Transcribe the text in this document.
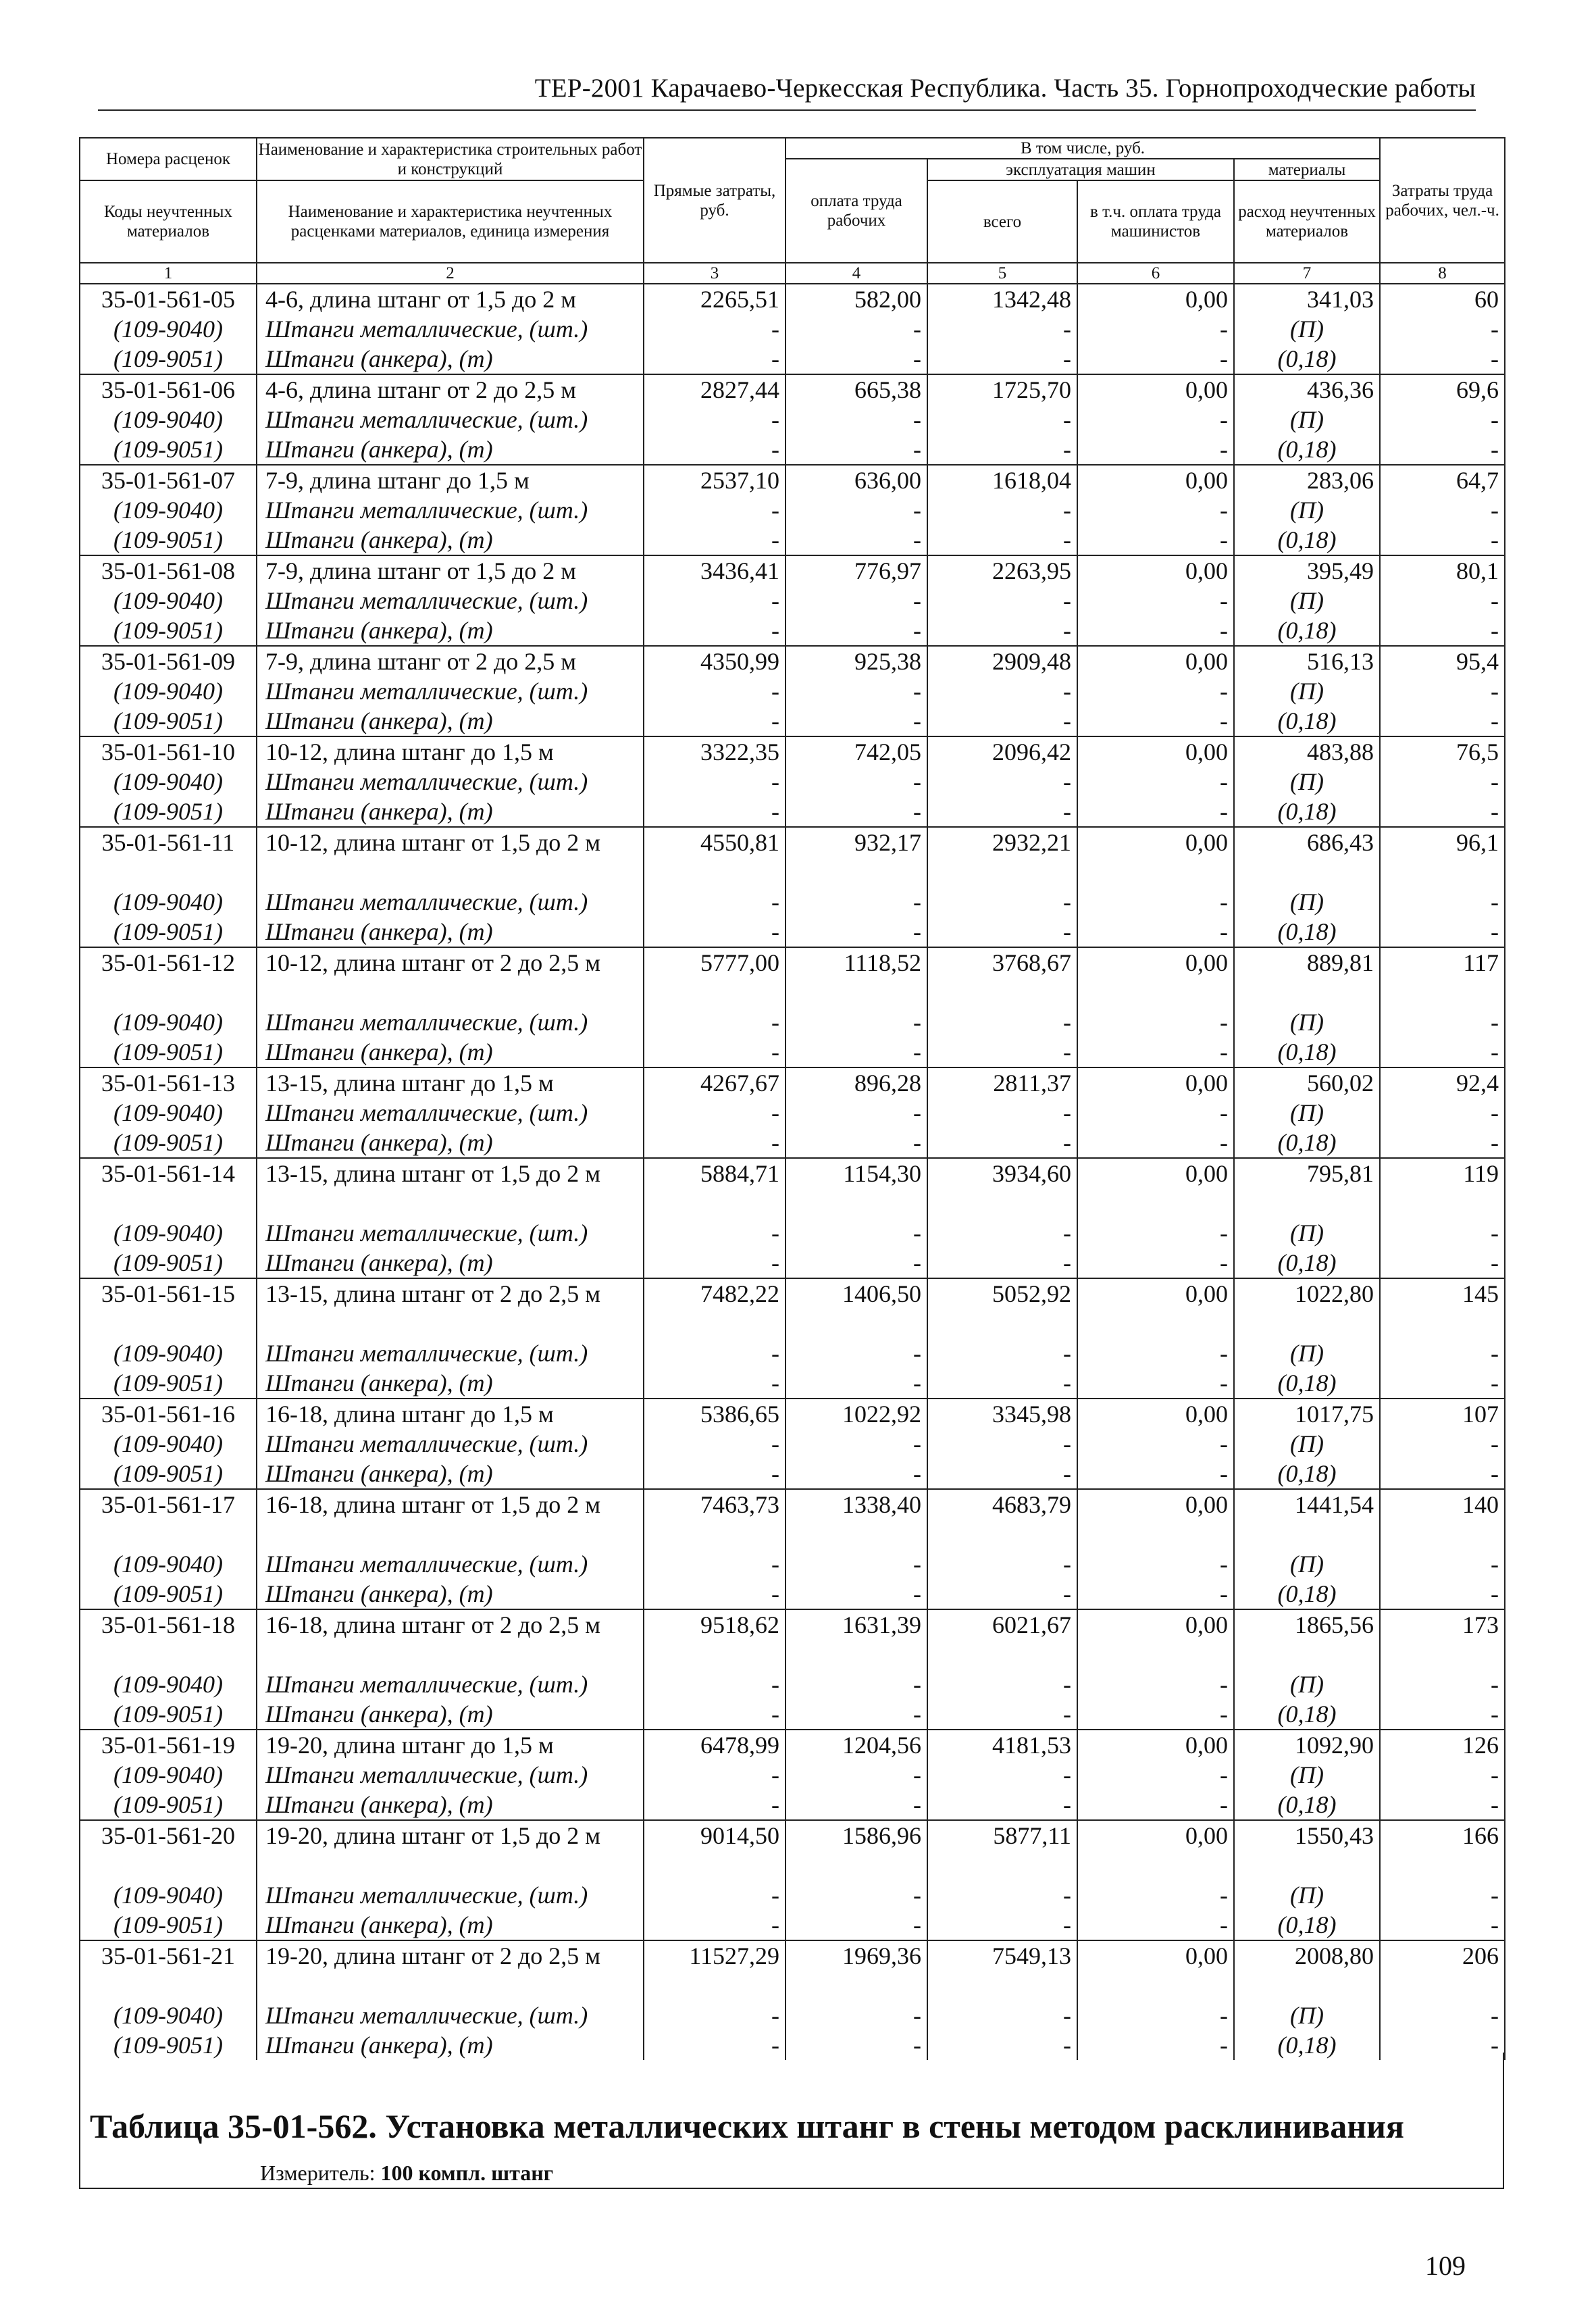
ТЕР-2001 Карачаево-Черкесская Республика. Часть 35. Горнопроходческие работы
Номера расценок	Наименование и характеристика строительных работ и конструкций	Прямые затраты, руб.	В том числе, руб.				Затраты труда рабочих, чел.-ч.
			оплата труда рабочих	эксплуатация машин		материалы	
Коды неучтенных материалов	Наименование и характеристика неучтенных расценками материалов, единица измерения			всего	в т.ч. оплата труда машинистов	расход неучтенных материалов	

1	2	3	4	5	6	7	8
35-01-561-05	4-6, длина штанг от 1,5 до 2 м	2265,51	582,00	1342,48	0,00	341,03	60
(109-9040)	Штанги металлические, (шт.)	-	-	-	-	(П)	-
(109-9051)	Штанги (анкера), (т)	-	-	-	-	(0,18)	-
35-01-561-06	4-6, длина штанг от 2 до 2,5 м	2827,44	665,38	1725,70	0,00	436,36	69,6
(109-9040)	Штанги металлические, (шт.)	-	-	-	-	(П)	-
(109-9051)	Штанги (анкера), (т)	-	-	-	-	(0,18)	-
35-01-561-07	7-9, длина штанг до 1,5 м	2537,10	636,00	1618,04	0,00	283,06	64,7
(109-9040)	Штанги металлические, (шт.)	-	-	-	-	(П)	-
(109-9051)	Штанги (анкера), (т)	-	-	-	-	(0,18)	-
35-01-561-08	7-9, длина штанг от 1,5 до 2 м	3436,41	776,97	2263,95	0,00	395,49	80,1
(109-9040)	Штанги металлические, (шт.)	-	-	-	-	(П)	-
(109-9051)	Штанги (анкера), (т)	-	-	-	-	(0,18)	-
35-01-561-09	7-9, длина штанг от 2 до 2,5 м	4350,99	925,38	2909,48	0,00	516,13	95,4
(109-9040)	Штанги металлические, (шт.)	-	-	-	-	(П)	-
(109-9051)	Штанги (анкера), (т)	-	-	-	-	(0,18)	-
35-01-561-10	10-12, длина штанг до 1,5 м	3322,35	742,05	2096,42	0,00	483,88	76,5
(109-9040)	Штанги металлические, (шт.)	-	-	-	-	(П)	-
(109-9051)	Штанги (анкера), (т)	-	-	-	-	(0,18)	-
35-01-561-11	10-12, длина штанг от 1,5 до 2 м	4550,81	932,17	2932,21	0,00	686,43	96,1
(109-9040)	Штанги металлические, (шт.)	-	-	-	-	(П)	-
(109-9051)	Штанги (анкера), (т)	-	-	-	-	(0,18)	-
35-01-561-12	10-12, длина штанг от 2 до 2,5 м	5777,00	1118,52	3768,67	0,00	889,81	117
(109-9040)	Штанги металлические, (шт.)	-	-	-	-	(П)	-
(109-9051)	Штанги (анкера), (т)	-	-	-	-	(0,18)	-
35-01-561-13	13-15, длина штанг до 1,5 м	4267,67	896,28	2811,37	0,00	560,02	92,4
(109-9040)	Штанги металлические, (шт.)	-	-	-	-	(П)	-
(109-9051)	Штанги (анкера), (т)	-	-	-	-	(0,18)	-
35-01-561-14	13-15, длина штанг от 1,5 до 2 м	5884,71	1154,30	3934,60	0,00	795,81	119
(109-9040)	Штанги металлические, (шт.)	-	-	-	-	(П)	-
(109-9051)	Штанги (анкера), (т)	-	-	-	-	(0,18)	-
35-01-561-15	13-15, длина штанг от 2 до 2,5 м	7482,22	1406,50	5052,92	0,00	1022,80	145
(109-9040)	Штанги металлические, (шт.)	-	-	-	-	(П)	-
(109-9051)	Штанги (анкера), (т)	-	-	-	-	(0,18)	-
35-01-561-16	16-18, длина штанг до 1,5 м	5386,65	1022,92	3345,98	0,00	1017,75	107
(109-9040)	Штанги металлические, (шт.)	-	-	-	-	(П)	-
(109-9051)	Штанги (анкера), (т)	-	-	-	-	(0,18)	-
35-01-561-17	16-18, длина штанг от 1,5 до 2 м	7463,73	1338,40	4683,79	0,00	1441,54	140
(109-9040)	Штанги металлические, (шт.)	-	-	-	-	(П)	-
(109-9051)	Штанги (анкера), (т)	-	-	-	-	(0,18)	-
35-01-561-18	16-18, длина штанг от 2 до 2,5 м	9518,62	1631,39	6021,67	0,00	1865,56	173
(109-9040)	Штанги металлические, (шт.)	-	-	-	-	(П)	-
(109-9051)	Штанги (анкера), (т)	-	-	-	-	(0,18)	-
35-01-561-19	19-20, длина штанг до 1,5 м	6478,99	1204,56	4181,53	0,00	1092,90	126
(109-9040)	Штанги металлические, (шт.)	-	-	-	-	(П)	-
(109-9051)	Штанги (анкера), (т)	-	-	-	-	(0,18)	-
35-01-561-20	19-20, длина штанг от 1,5 до 2 м	9014,50	1586,96	5877,11	0,00	1550,43	166
(109-9040)	Штанги металлические, (шт.)	-	-	-	-	(П)	-
(109-9051)	Штанги (анкера), (т)	-	-	-	-	(0,18)	-
35-01-561-21	19-20, длина штанг от 2 до 2,5 м	11527,29	1969,36	7549,13	0,00	2008,80	206
(109-9040)	Штанги металлические, (шт.)	-	-	-	-	(П)	-
(109-9051)	Штанги (анкера), (т)	-	-	-	-	(0,18)	-
Таблица 35-01-562. Установка металлических штанг в стены методом расклинивания
Измеритель: 100 компл. штанг
109
